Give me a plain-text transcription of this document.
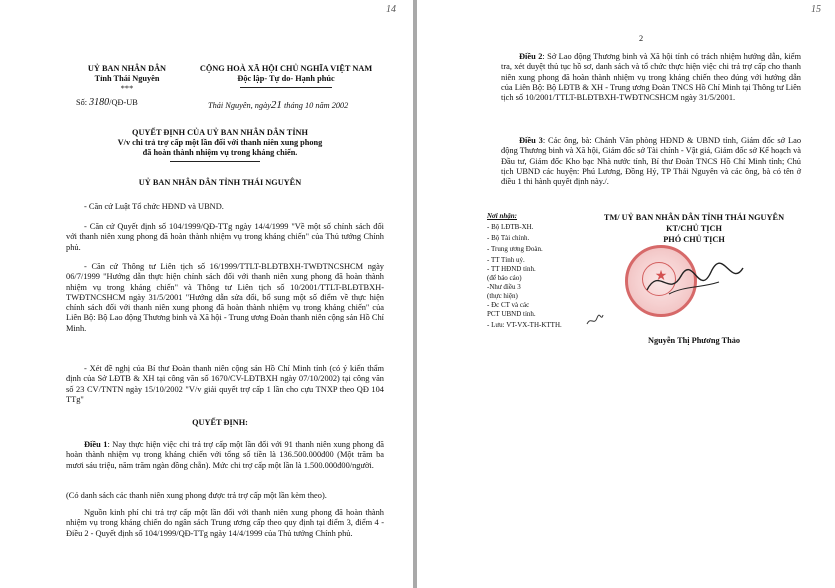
14
UỶ BAN NHÂN DÂN
Tỉnh Thái Nguyên
***
Số: 3180/QĐ-UB
CỘNG HOÀ XÃ HỘI CHỦ NGHĨA VIỆT NAM
Độc lập- Tự do- Hạnh phúc
Thái Nguyên, ngày21 tháng 10 năm 2002
QUYẾT ĐỊNH CỦA UỶ BAN NHÂN DÂN TỈNH
V/v chi trả trợ cấp một lần đối với thanh niên xung phong
đã hoàn thành nhiệm vụ trong kháng chiến.
UỶ BAN NHÂN DÂN TỈNH THÁI NGUYÊN
- Căn cứ Luật Tổ chức HĐND và UBND.
- Căn cứ Quyết định số 104/1999/QĐ-TTg ngày 14/4/1999 "Về một số chính sách đối với thanh niên xung phong đã hoàn thành nhiệm vụ trong kháng chiến" của Thủ tướng Chính phủ.
- Căn cứ Thông tư Liên tịch số 16/1999/TTLT-BLĐTBXH-TWĐTNCSHCM ngày 06/7/1999 "Hướng dẫn thực hiện chính sách đối với thanh niên xung phong đã hoàn thành nhiệm vụ trong kháng chiến" và Thông tư Liên tịch số 10/2001/TTLT-BLĐTBXH-TWĐTNCSHCM ngày 31/5/2001 "Hướng dẫn sửa đổi, bổ sung một số điểm về thực hiện chính sách đối với thanh niên xung phong đã hoàn thành nhiệm vụ trong kháng chiến" của Liên Bộ: Bộ Lao động Thương binh và Xã hội - Trung ương Đoàn thanh niên cộng sản Hồ Chí Minh.
- Xét đề nghị của Bí thư Đoàn thanh niên cộng sản Hồ Chí Minh tỉnh (có ý kiến thẩm định của Sở LĐTB & XH tại công văn số 1670/CV-LĐTBXH ngày 07/10/2002) tại công văn số 23 CV/TNTN ngày 15/10/2002 "V/v giải quyết trợ cấp 1 lần cho cựu TNXP theo QĐ 104 TTg"
QUYẾT ĐỊNH:
Điều 1: Nay thực hiện việc chi trả trợ cấp một lần đối với 91 thanh niên xung phong đã hoàn thành nhiệm vụ trong kháng chiến với tổng số tiền là 136.500.000đ00 (Một trăm ba mươi sáu triệu, năm trăm ngàn đồng chẵn). Mức chi trợ cấp một lần là 1.500.000đ00/người.
(Có danh sách các thanh niên xung phong được trả trợ cấp một lần kèm theo).
Nguồn kinh phí chi trả trợ cấp một lần đối với thanh niên xung phong đã hoàn thành nhiệm vụ trong kháng chiến do ngân sách Trung ương cấp theo quy định tại điểm 3, điểm 4 - Điều 2 - Quyết định số 104/1999/QĐ-TTg ngày 14/4/1999 của Thủ tướng Chính phủ.
2
15
Điều 2: Sở Lao động Thương binh và Xã hội tỉnh có trách nhiệm hướng dẫn, kiểm tra, xét duyệt thủ tục hồ sơ, danh sách và tổ chức thực hiện việc chi trả trợ cấp cho thanh niên xung phong đã hoàn thành nhiệm vụ trong kháng chiến theo đúng với hướng dẫn của Liên Bộ: Bộ LĐTB & XH - Trung ương Đoàn TNCS Hồ Chí Minh tại Thông tư Liên tịch số 10/2001/TTLT-BLĐTBXH-TWĐTNCSHCM ngày 31/5/2001.
Điều 3: Các ông, bà: Chánh Văn phòng HĐND & UBND tỉnh, Giám đốc sở Lao động Thương binh và Xã hội, Giám đốc sở Tài chính - Vật giá, Giám đốc sở Kế hoạch và Đầu tư, Giám đốc Kho bạc Nhà nước tỉnh, Bí thư Đoàn TNCS Hồ Chí Minh tỉnh; Chủ tịch UBND các huyện: Phú Lương, Đồng Hỷ, TP Thái Nguyên và các ông, bà có tên ở điều 1 thi hành quyết định này./.
Nơi nhận:
- Bộ LĐTB-XH.
- Bộ Tài chính.
- Trung ương Đoàn.
- TT Tỉnh uỷ.
- TT HĐND tỉnh.
(để báo cáo)
-Như điều 3
(thực hiện)
- Đc CT và các
PCT UBND tỉnh.
- Lưu: VT-VX-TH-KTTH.
TM/ UỶ BAN NHÂN DÂN TỈNH THÁI NGUYÊN
KT/CHỦ TỊCH
PHÓ CHỦ TỊCH
★
Nguyễn Thị Phương Thảo
